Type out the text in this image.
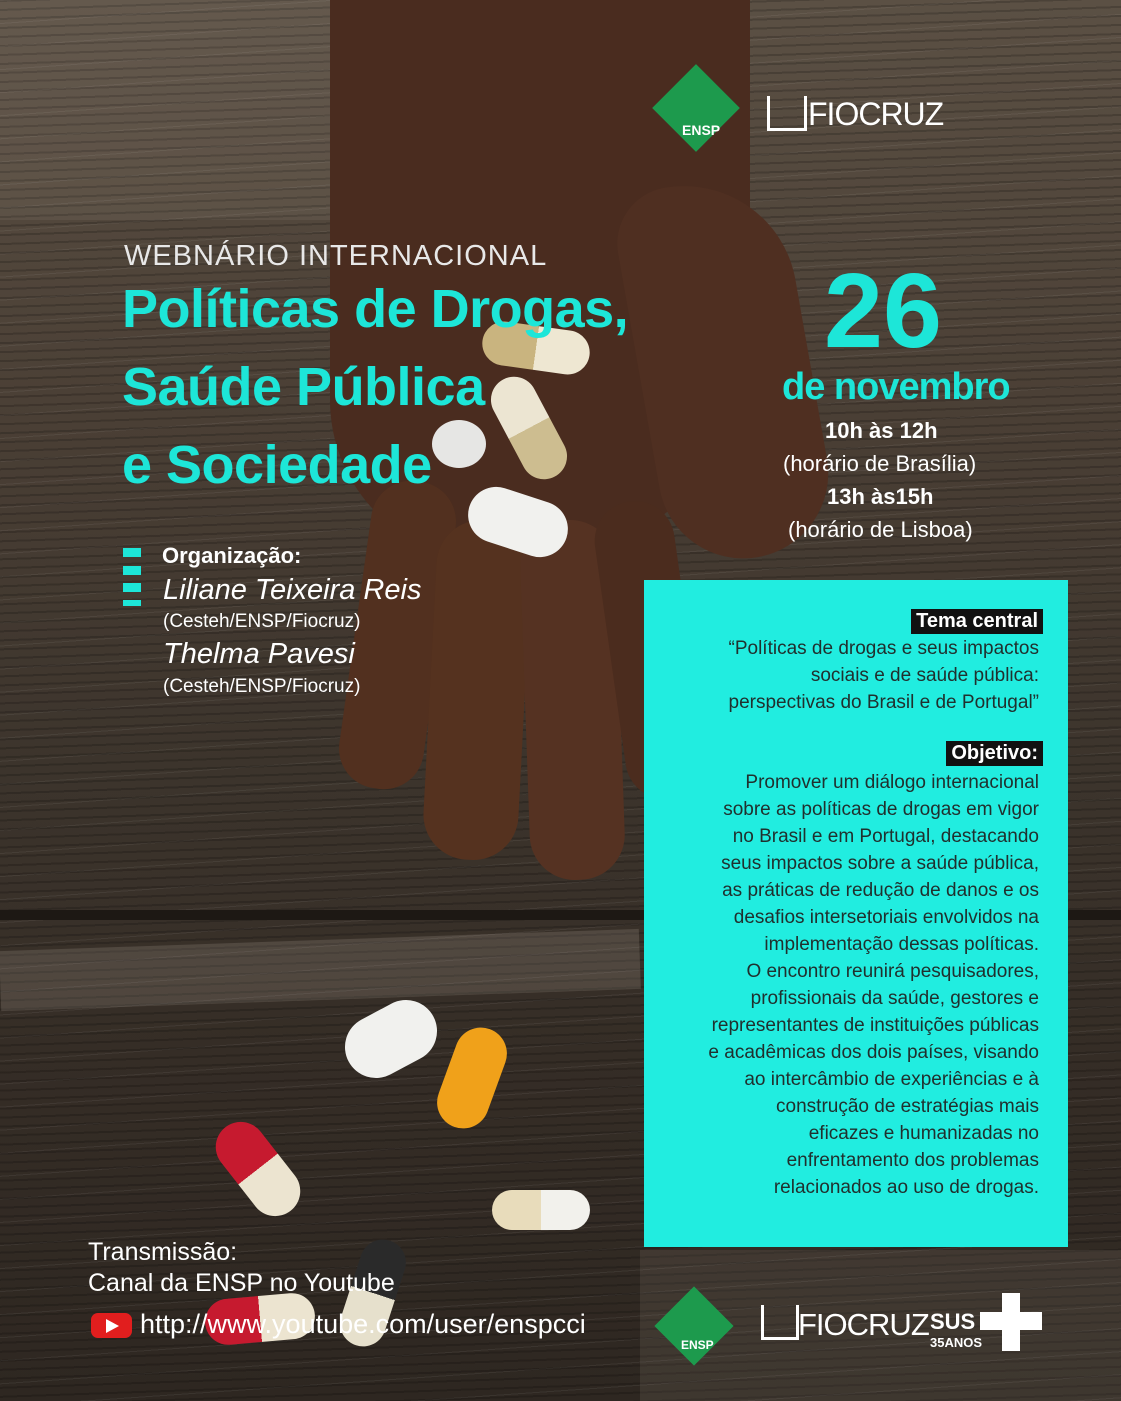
ENSP	FIOCRUZ
WEBNÁRIO INTERNACIONAL
Políticas de Drogas,
Saúde Pública
e Sociedade
26
de novembro
10h às 12h
(horário de Brasília)
13h às15h
(horário de Lisboa)
Organização:
Liliane Teixeira Reis
(Cesteh/ENSP/Fiocruz)
Thelma Pavesi
(Cesteh/ENSP/Fiocruz)
Tema central
“Políticas de drogas e seus impactos
sociais e de saúde pública:
perspectivas do Brasil e de Portugal”
Objetivo:
Promover um diálogo internacional
sobre as políticas de drogas em vigor
no Brasil e em Portugal, destacando
seus impactos sobre a saúde pública,
as práticas de redução de danos e os
desafios intersetoriais envolvidos na
implementação dessas políticas.
O encontro reunirá pesquisadores,
profissionais da saúde, gestores e
representantes de instituições públicas
e acadêmicas dos dois países, visando
ao intercâmbio de experiências e à
construção de estratégias mais
eficazes e humanizadas no
enfrentamento dos problemas
relacionados ao uso de drogas.
Transmissão:
Canal da ENSP no Youtube
http://www.youtube.com/user/enspcci
ENSP
FIOCRUZ SUS
35ANOS
